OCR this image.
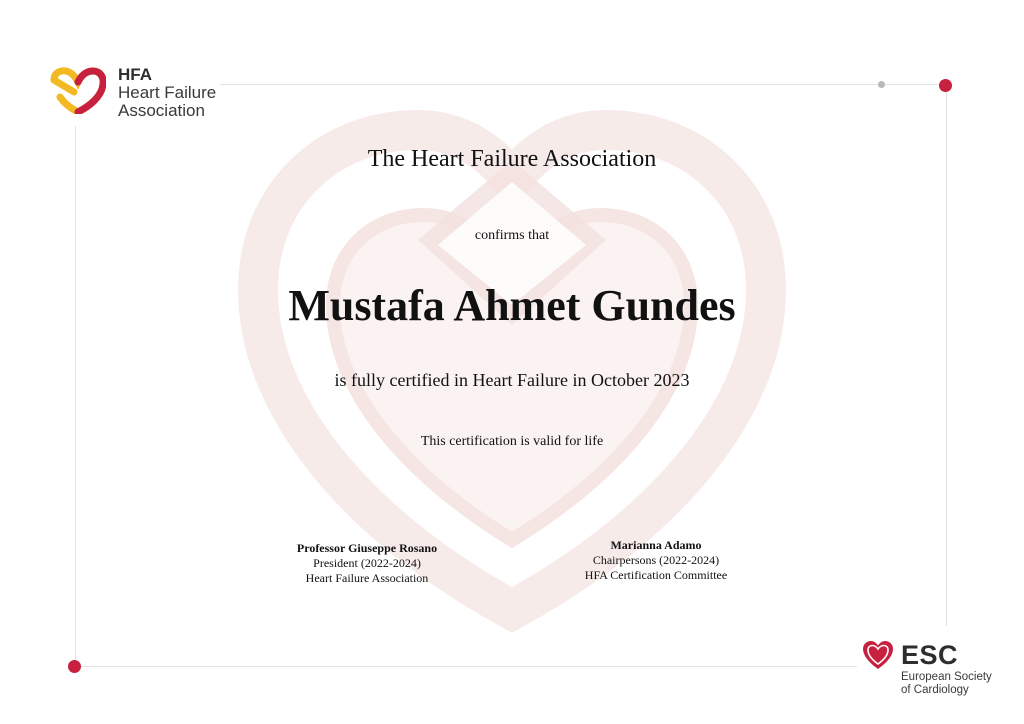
HFA
Heart Failure
Association
The Heart Failure Association
confirms that
Mustafa Ahmet Gundes
is fully certified in Heart Failure in October 2023
This certification is valid for life
Professor Giuseppe Rosano
President (2022-2024)
Heart Failure Association
Marianna Adamo
Chairpersons (2022-2024)
HFA Certification Committee
ESC
European Society
of Cardiology
